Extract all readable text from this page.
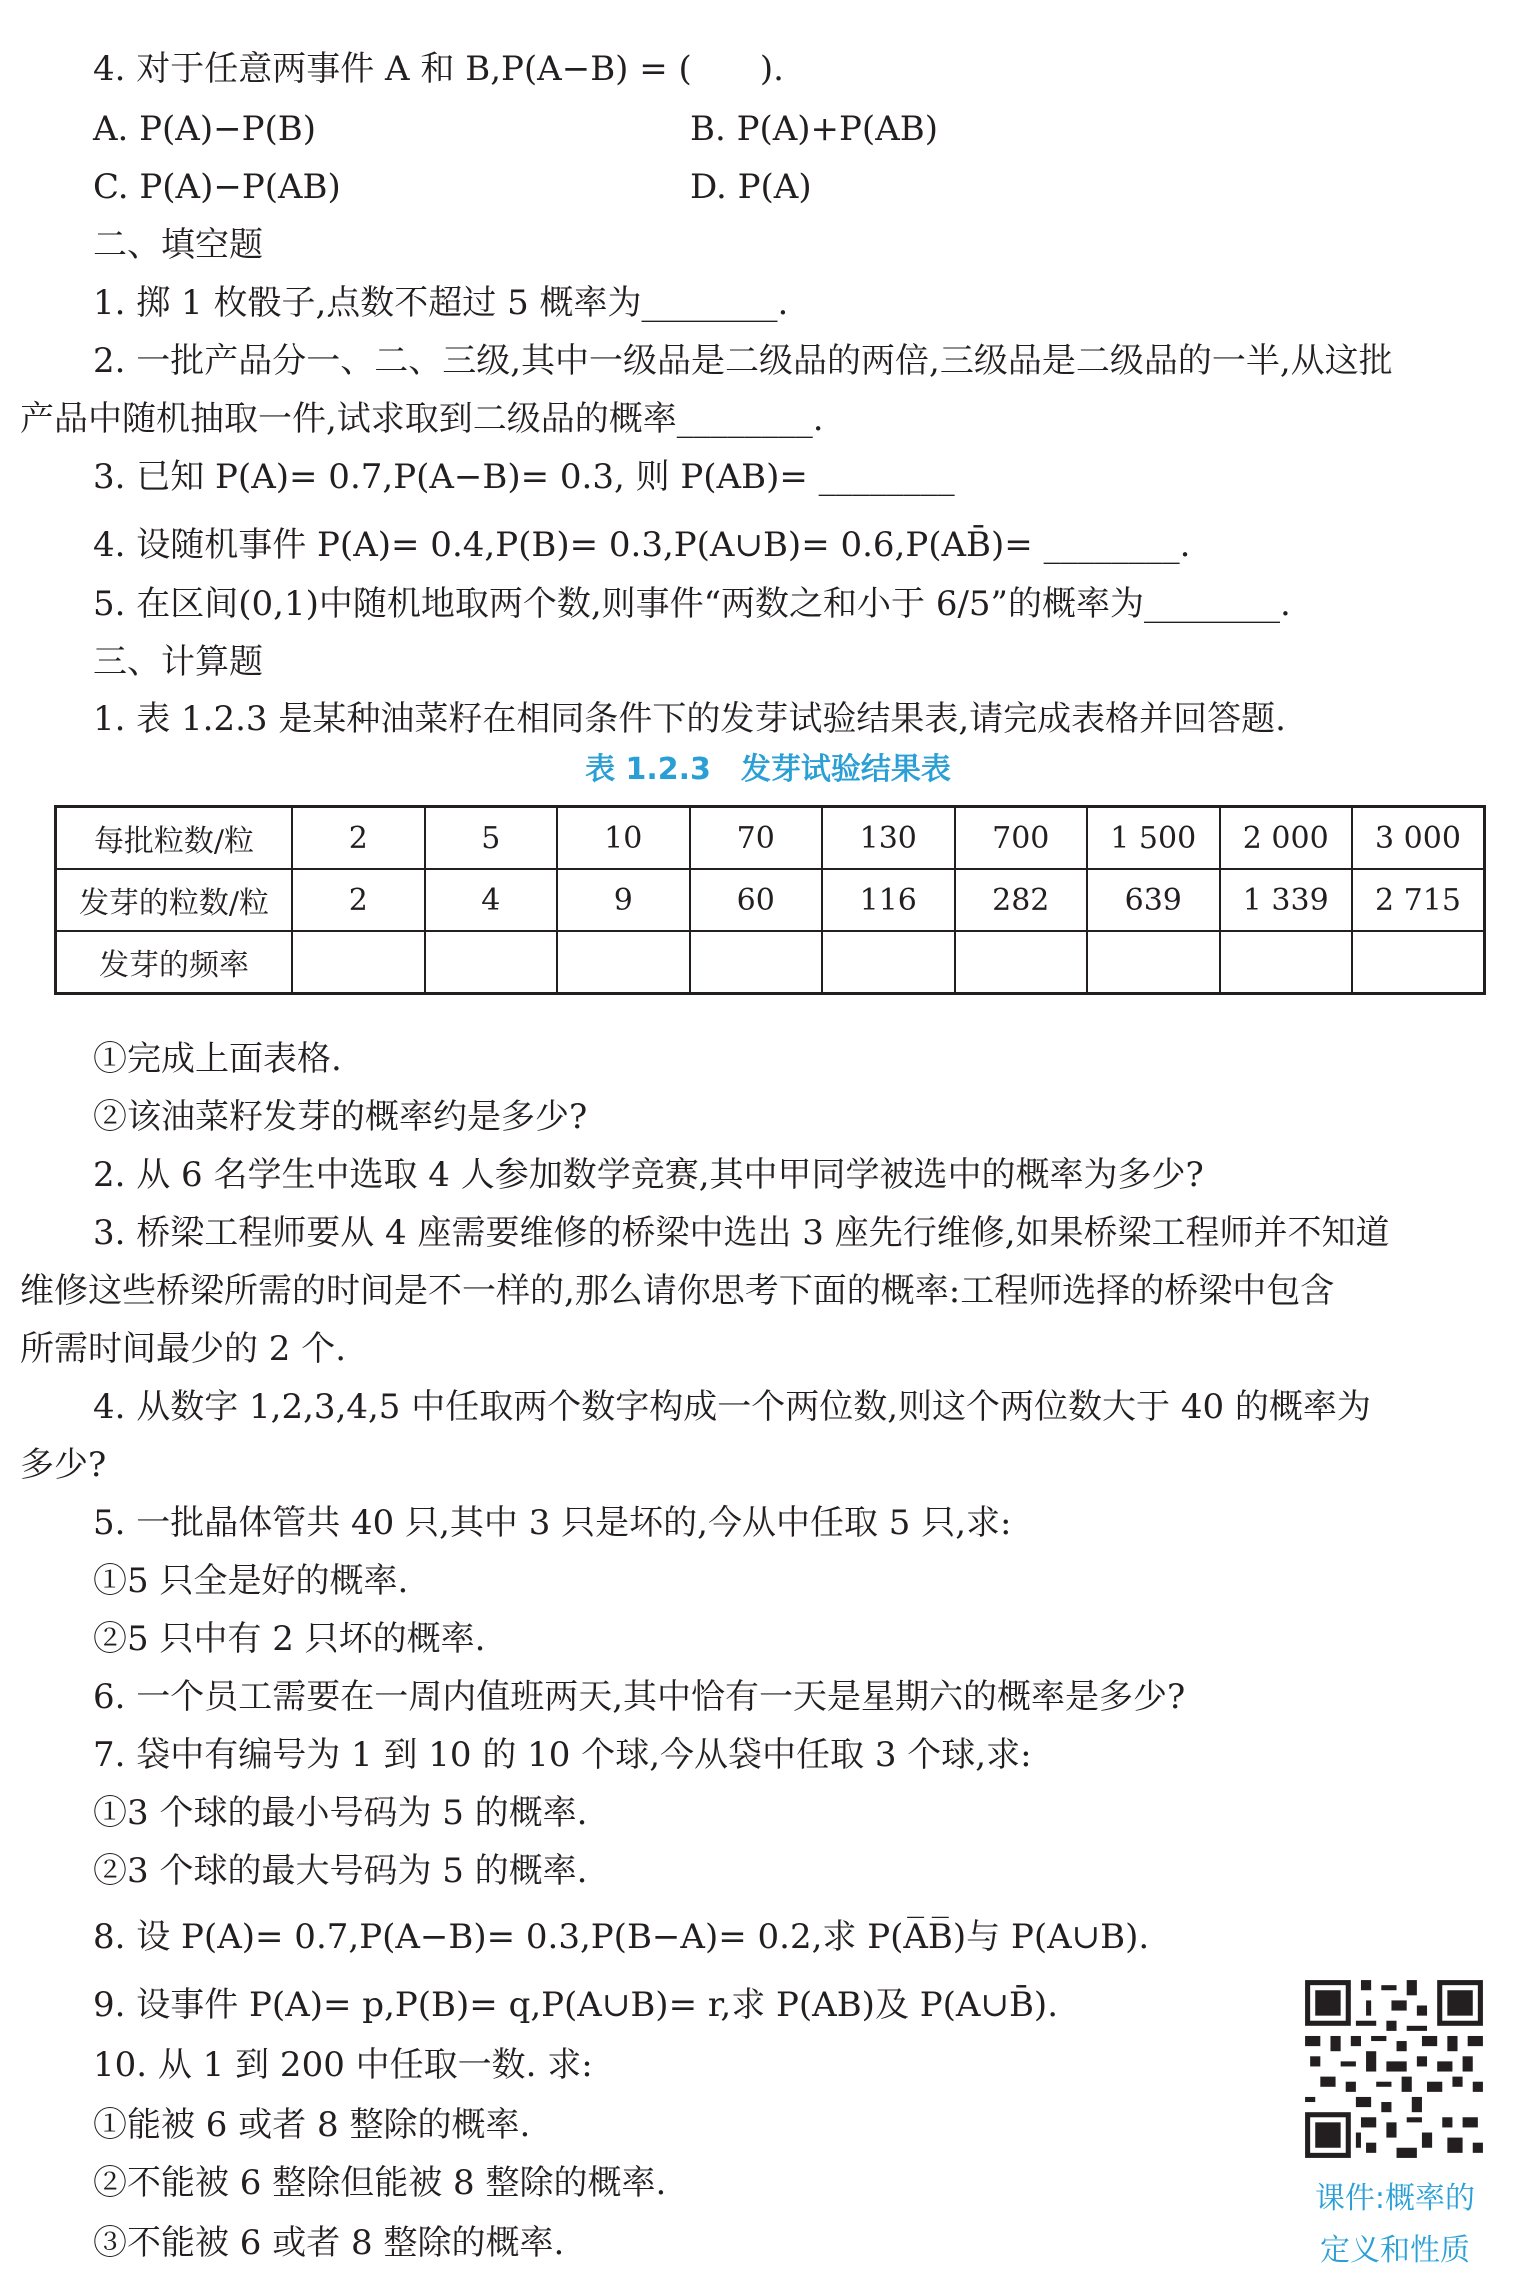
4. 对于任意两事件 A 和 B,P(A−B) = (　　).
A. P(A)−P(B)	B. P(A)+P(AB)
C. P(A)−P(AB)	D. P(A)
二、填空题
1. 掷 1 枚骰子,点数不超过 5 概率为________.
2. 一批产品分一、二、三级,其中一级品是二级品的两倍,三级品是二级品的一半,从这批
产品中随机抽取一件,试求取到二级品的概率________.
3. 已知 P(A)= 0.7,P(A−B)= 0.3, 则 P(AB)= ________
4. 设随机事件 P(A)= 0.4,P(B)= 0.3,P(A∪B)= 0.6,P(AB̄)= ________.
5. 在区间(0,1)中随机地取两个数,则事件“两数之和小于 6/5”的概率为________.
三、计算题
1. 表 1.2.3 是某种油菜籽在相同条件下的发芽试验结果表,请完成表格并回答题.
表 1.2.3　发芽试验结果表
每批粒数/粒	2	5	10	70	130	700	1 500	2 000	3 000
发芽的粒数/粒	2	4	9	60	116	282	639	1 339	2 715
发芽的频率									
①完成上面表格.
②该油菜籽发芽的概率约是多少?
2. 从 6 名学生中选取 4 人参加数学竞赛,其中甲同学被选中的概率为多少?
3. 桥梁工程师要从 4 座需要维修的桥梁中选出 3 座先行维修,如果桥梁工程师并不知道
维修这些桥梁所需的时间是不一样的,那么请你思考下面的概率:工程师选择的桥梁中包含
所需时间最少的 2 个.
4. 从数字 1,2,3,4,5 中任取两个数字构成一个两位数,则这个两位数大于 40 的概率为
多少?
5. 一批晶体管共 40 只,其中 3 只是坏的,今从中任取 5 只,求:
①5 只全是好的概率.
②5 只中有 2 只坏的概率.
6. 一个员工需要在一周内值班两天,其中恰有一天是星期六的概率是多少?
7. 袋中有编号为 1 到 10 的 10 个球,今从袋中任取 3 个球,求:
①3 个球的最小号码为 5 的概率.
②3 个球的最大号码为 5 的概率.
8. 设 P(A)= 0.7,P(A−B)= 0.3,P(B−A)= 0.2,求 P(A̅B̅)与 P(A∪B).
9. 设事件 P(A)= p,P(B)= q,P(A∪B)= r,求 P(AB)及 P(A∪B̄).
10. 从 1 到 200 中任取一数. 求:
①能被 6 或者 8 整除的概率.
②不能被 6 整除但能被 8 整除的概率.
③不能被 6 或者 8 整除的概率.
课件:概率的
定义和性质
